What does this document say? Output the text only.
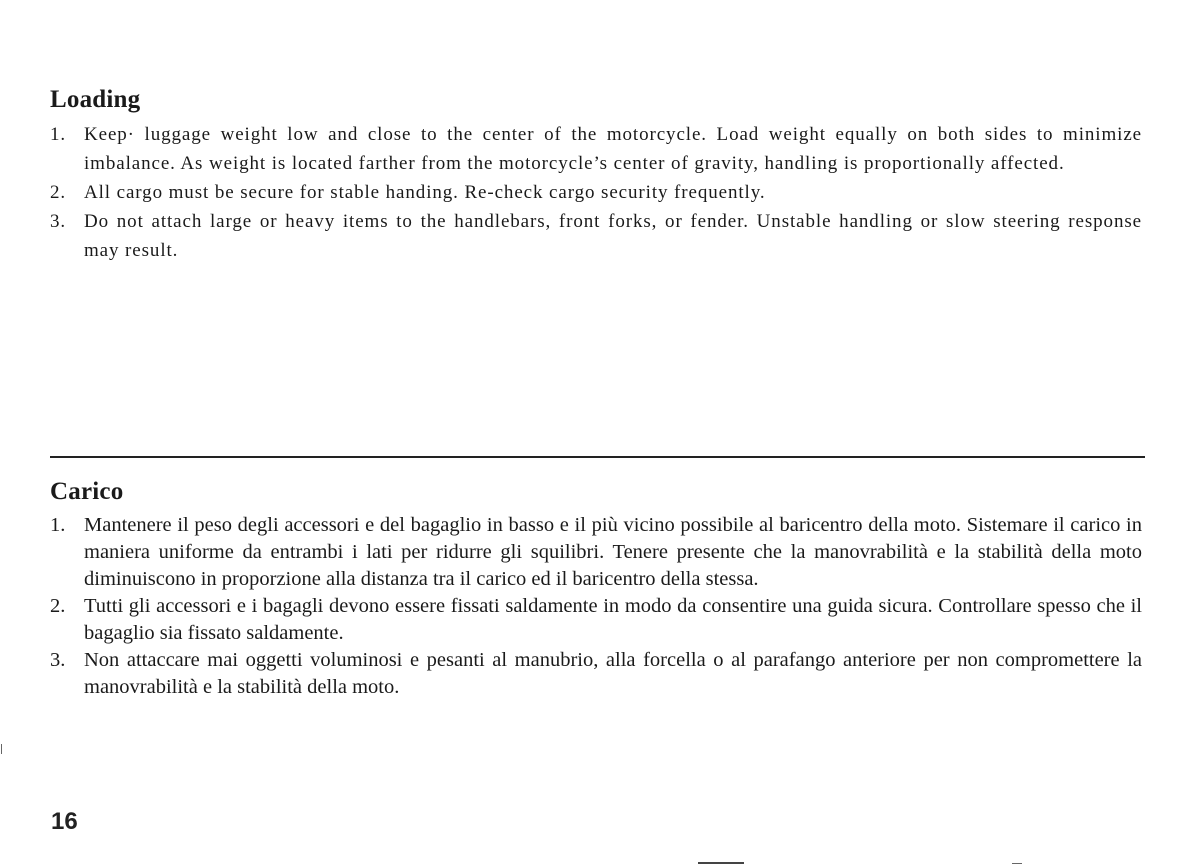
Loading
1. Keep· luggage weight low and close to the center of the motorcycle. Load weight equally on both sides to minimize imbalance. As weight is located farther from the motorcycle’s center of gravity, handling is proportionally affected.
2. All cargo must be secure for stable handing. Re-check cargo security frequently.
3. Do not attach large or heavy items to the handlebars, front forks, or fender. Unstable handling or slow steering response may result.
Carico
1. Mantenere il peso degli accessori e del bagaglio in basso e il più vicino possibile al baricentro della moto. Sistemare il carico in maniera uniforme da entrambi i lati per ridurre gli squilibri. Tenere presente che la manovrabilità e la stabilità della moto diminuiscono in proporzione alla distanza tra il carico ed il baricentro della stessa.
2. Tutti gli accessori e i bagagli devono essere fissati saldamente in modo da consentire una guida sicura. Controllare spesso che il bagaglio sia fissato saldamente.
3. Non attaccare mai oggetti voluminosi e pesanti al manubrio, alla forcella o al parafango anteriore per non compromettere la manovrabilità e la stabilità della moto.
16
